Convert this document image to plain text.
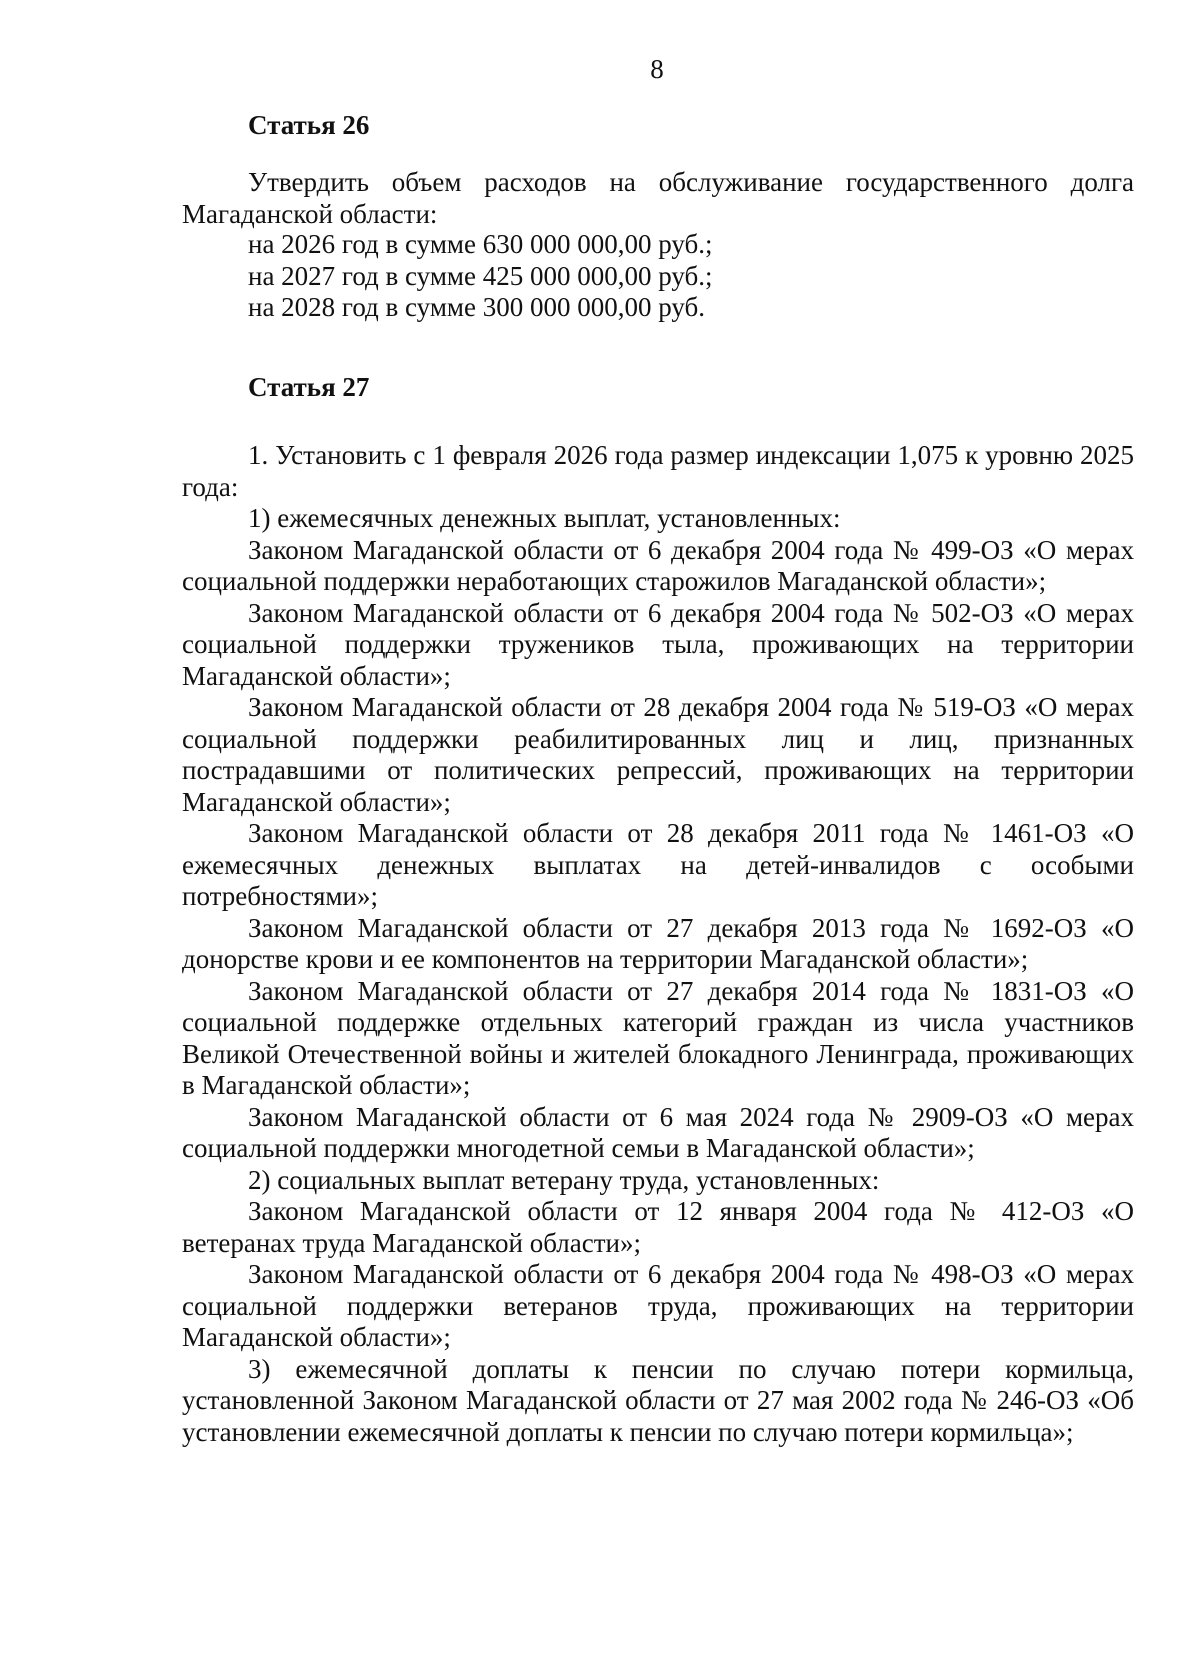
8
Статья 26
Утвердить объем расходов на обслуживание государственного долга Магаданской области:
на 2026 год в сумме 630 000 000,00 руб.;
на 2027 год в сумме 425 000 000,00 руб.;
на 2028 год в сумме 300 000 000,00 руб.
Статья 27
1. Установить с 1 февраля 2026 года размер индексации 1,075 к уровню 2025 года:
1) ежемесячных денежных выплат, установленных:
Законом Магаданской области от 6 декабря 2004 года № 499-ОЗ «О мерах социальной поддержки неработающих старожилов Магаданской области»;
Законом Магаданской области от 6 декабря 2004 года № 502-ОЗ «О мерах социальной поддержки тружеников тыла, проживающих на территории Магаданской области»;
Законом Магаданской области от 28 декабря 2004 года № 519-ОЗ «О мерах социальной поддержки реабилитированных лиц и лиц, признанных пострадавшими от политических репрессий, проживающих на территории Магаданской области»;
Законом Магаданской области от 28 декабря 2011 года № 1461-ОЗ «О ежемесячных денежных выплатах на детей-инвалидов с особыми потребностями»;
Законом Магаданской области от 27 декабря 2013 года № 1692-ОЗ «О донорстве крови и ее компонентов на территории Магаданской области»;
Законом Магаданской области от 27 декабря 2014 года № 1831-ОЗ «О социальной поддержке отдельных категорий граждан из числа участников Великой Отечественной войны и жителей блокадного Ленинграда, проживающих в Магаданской области»;
Законом Магаданской области от 6 мая 2024 года № 2909-ОЗ «О мерах социальной поддержки многодетной семьи в Магаданской области»;
2) социальных выплат ветерану труда, установленных:
Законом Магаданской области от 12 января 2004 года № 412-ОЗ «О ветеранах труда Магаданской области»;
Законом Магаданской области от 6 декабря 2004 года № 498-ОЗ «О мерах социальной поддержки ветеранов труда, проживающих на территории Магаданской области»;
3) ежемесячной доплаты к пенсии по случаю потери кормильца, установленной Законом Магаданской области от 27 мая 2002 года № 246-ОЗ «Об установлении ежемесячной доплаты к пенсии по случаю потери кормильца»;
